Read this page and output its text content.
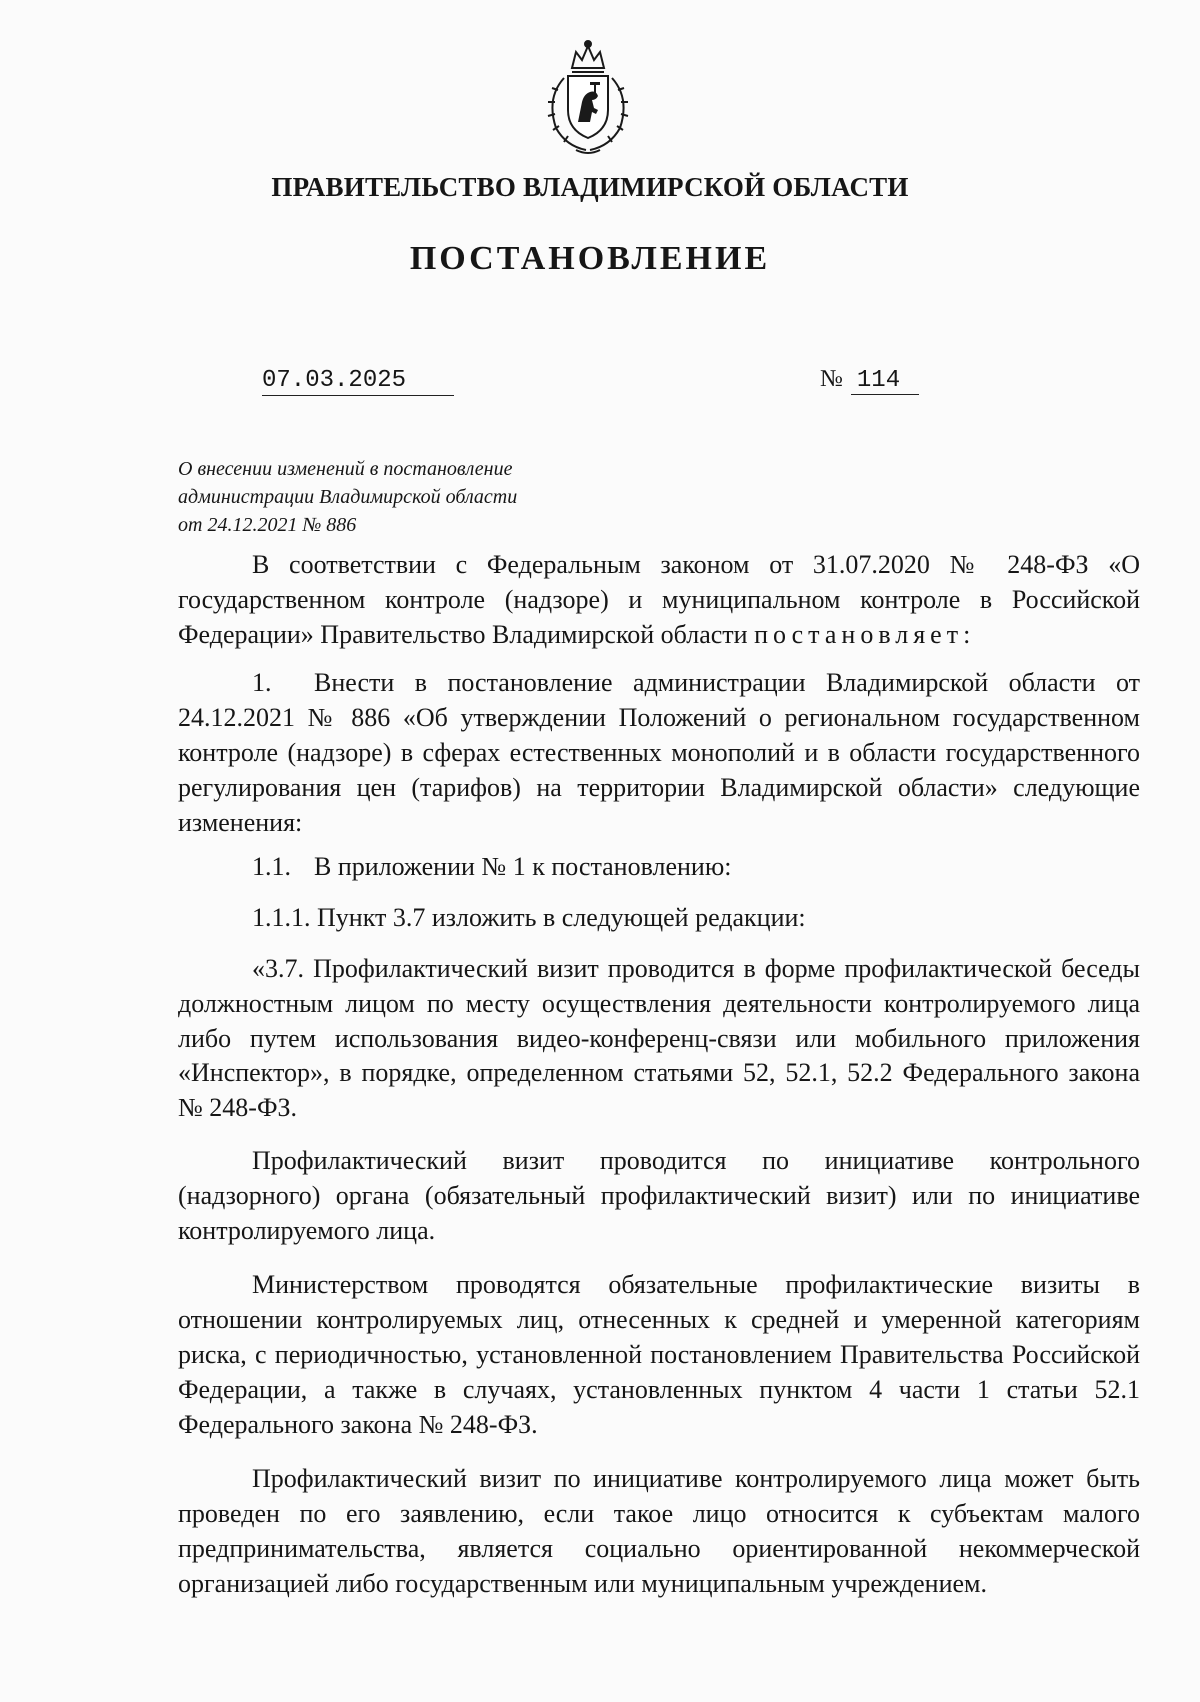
ПРАВИТЕЛЬСТВО ВЛАДИМИРСКОЙ ОБЛАСТИ
ПОСТАНОВЛЕНИЕ
07.03.2025	№ 114
О внесении изменений в постановление
администрации Владимирской области
от 24.12.2021 № 886

В соответствии с Федеральным законом от 31.07.2020 № 248-ФЗ «О государственном контроле (надзоре) и муниципальном контроле в Российской Федерации» Правительство Владимирской области постановляет:

1. Внести в постановление администрации Владимирской области от 24.12.2021 № 886 «Об утверждении Положений о региональном государственном контроле (надзоре) в сферах естественных монополий и в области государственного регулирования цен (тарифов) на территории Владимирской области» следующие изменения:

1.1. В приложении № 1 к постановлению:

1.1.1. Пункт 3.7 изложить в следующей редакции:

«3.7. Профилактический визит проводится в форме профилактической беседы должностным лицом по месту осуществления деятельности контролируемого лица либо путем использования видео-конференц-связи или мобильного приложения «Инспектор», в порядке, определенном статьями 52, 52.1, 52.2 Федерального закона № 248-ФЗ.

Профилактический визит проводится по инициативе контрольного (надзорного) органа (обязательный профилактический визит) или по инициативе контролируемого лица.

Министерством проводятся обязательные профилактические визиты в отношении контролируемых лиц, отнесенных к средней и умеренной категориям риска, с периодичностью, установленной постановлением Правительства Российской Федерации, а также в случаях, установленных пунктом 4 части 1 статьи 52.1 Федерального закона № 248-ФЗ.

Профилактический визит по инициативе контролируемого лица может быть проведен по его заявлению, если такое лицо относится к субъектам малого предпринимательства, является социально ориентированной некоммерческой организацией либо государственным или муниципальным учреждением.
